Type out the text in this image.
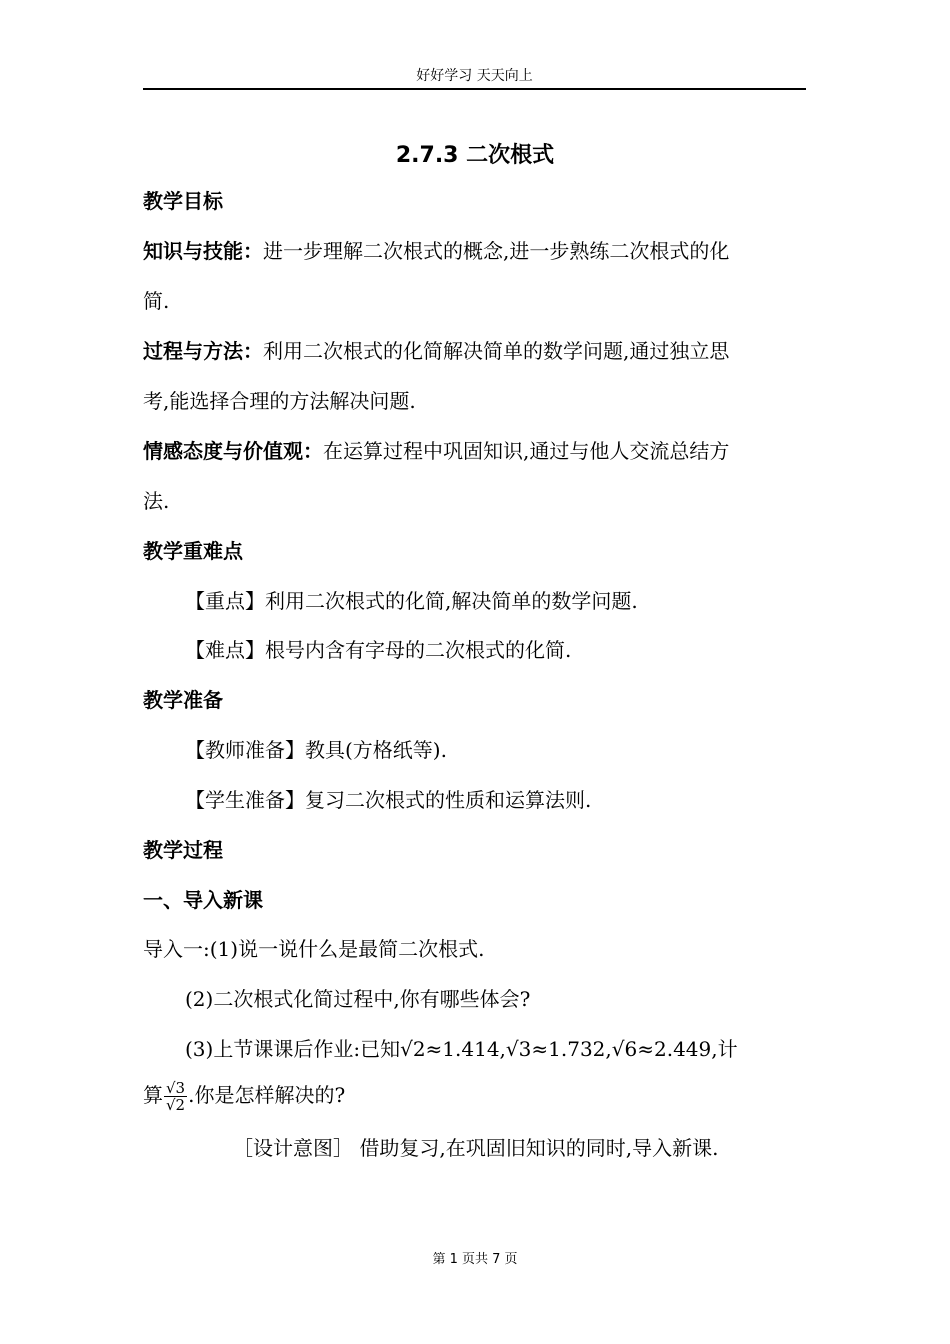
好好学习 天天向上
2.7.3 二次根式
教学目标
知识与技能：进一步理解二次根式的概念,进一步熟练二次根式的化
简.
过程与方法：利用二次根式的化简解决简单的数学问题,通过独立思
考,能选择合理的方法解决问题.
情感态度与价值观：在运算过程中巩固知识,通过与他人交流总结方
法.
教学重难点
【重点】利用二次根式的化简,解决简单的数学问题.
【难点】根号内含有字母的二次根式的化简.
教学准备
【教师准备】教具(方格纸等).
【学生准备】复习二次根式的性质和运算法则.
教学过程
一、导入新课
导入一:(1)说一说什么是最简二次根式.
(2)二次根式化简过程中,你有哪些体会?
(3)上节课课后作业:已知√2≈1.414,√3≈1.732,√6≈2.449,计
算 $\frac{√3}{√2}$ .你是怎样解决的?
［设计意图］ 借助复习,在巩固旧知识的同时,导入新课.
第 1 页共 7 页
